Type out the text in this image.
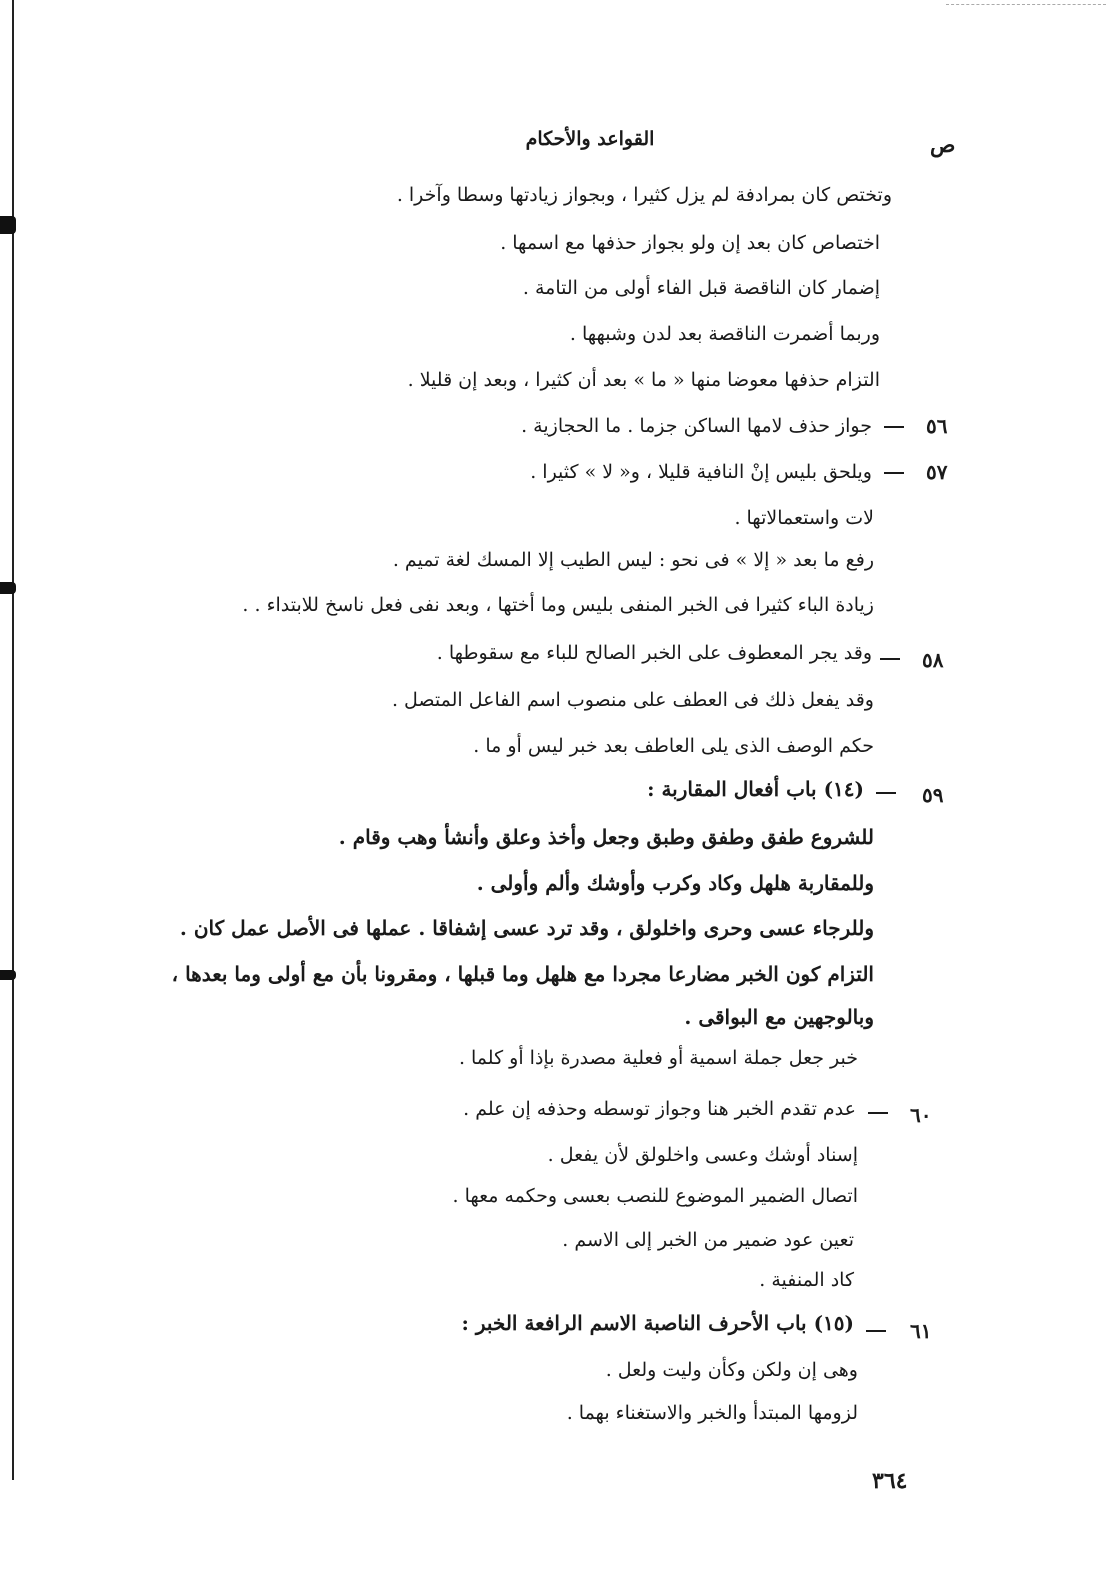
القواعد والأحكام	ص
وتختص كان بمرادفة لم يزل كثيرا ، وبجواز زيادتها وسطا وآخرا .
اختصاص كان بعد إن ولو بجواز حذفها مع اسمها .
إضمار كان الناقصة قبل الفاء أولى من التامة .
وربما أضمرت الناقصة بعد لدن وشبهها .
التزام حذفها معوضا منها « ما » بعد أن كثيرا ، وبعد إن قليلا .
٥٦
جواز حذف لامها الساكن جزما . ما الحجازية .
٥٧
ويلحق بليس إنْ النافية قليلا ، و« لا » كثيرا .
لات واستعمالاتها .
رفع ما بعد « إلا » فى نحو : ليس الطيب إلا المسك لغة تميم .
زيادة الباء كثيرا فى الخبر المنفى بليس وما أختها ، وبعد نفى فعل ناسخ للابتداء . .
٥٨
وقد يجر المعطوف على الخبر الصالح للباء مع سقوطها .
وقد يفعل ذلك فى العطف على منصوب اسم الفاعل المتصل .
حكم الوصف الذى يلى العاطف بعد خبر ليس أو ما .
٥٩
(١٤) باب أفعال المقاربة :
للشروع طفق وطفق وطبق وجعل وأخذ وعلق وأنشأ وهب وقام .
وللمقاربة هلهل وكاد وكرب وأوشك وألم وأولى .
وللرجاء عسى وحرى واخلولق ، وقد ترد عسى إشفاقا . عملها فى الأصل عمل كان .
التزام كون الخبر مضارعا مجردا مع هلهل وما قبلها ، ومقرونا بأن مع أولى وما بعدها ،
وبالوجهين مع البواقى .
خبر جعل جملة اسمية أو فعلية مصدرة بإذا أو كلما .
٦٠
عدم تقدم الخبر هنا وجواز توسطه وحذفه إن علم .
إسناد أوشك وعسى واخلولق لأن يفعل .
اتصال الضمير الموضوع للنصب بعسى وحكمه معها .
تعين عود ضمير من الخبر إلى الاسم .
كاد المنفية .
٦١
(١٥) باب الأحرف الناصبة الاسم الرافعة الخبر :
وهى إن ولكن وكأن وليت ولعل .
لزومها المبتدأ والخبر والاستغناء بهما .
٣٦٤
